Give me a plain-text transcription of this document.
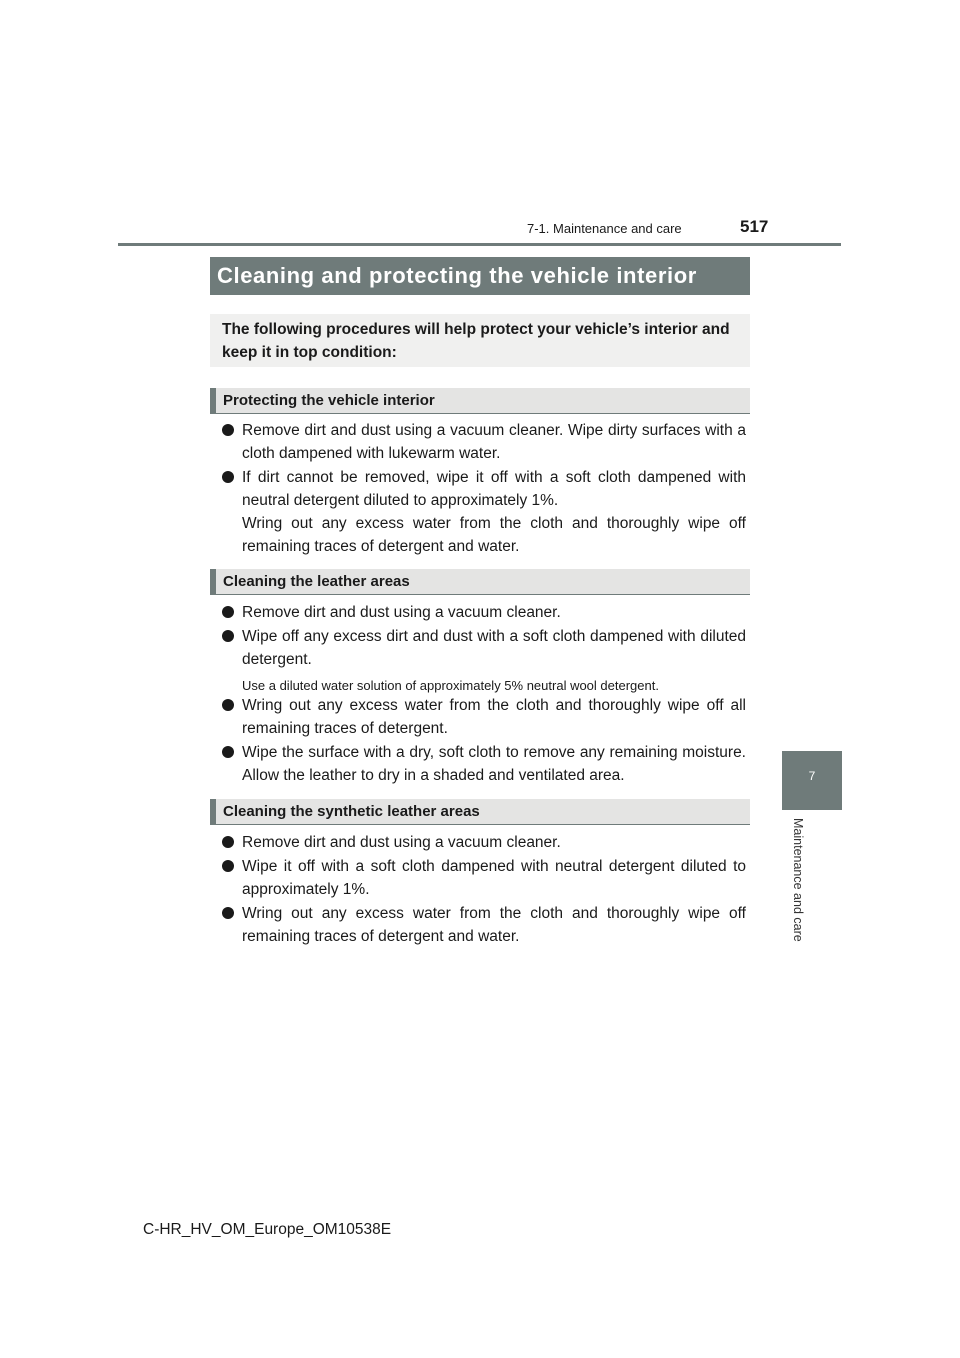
7-1. Maintenance and care	517
7
Maintenance and care
Cleaning and protecting the vehicle interior
The following procedures will help protect your vehicle’s interior and keep it in top condition:
Protecting the vehicle interior

Remove dirt and dust using a vacuum cleaner. Wipe dirty surfaces with a cloth dampened with lukewarm water.

If dirt cannot be removed, wipe it off with a soft cloth dampened with neutral detergent diluted to approximately 1%.

Wring out any excess water from the cloth and thoroughly wipe off remaining traces of detergent and water.

Cleaning the leather areas

Remove dirt and dust using a vacuum cleaner.

Wipe off any excess dirt and dust with a soft cloth dampened with diluted detergent.

Use a diluted water solution of approximately 5% neutral wool detergent.

Wring out any excess water from the cloth and thoroughly wipe off all remaining traces of detergent.

Wipe the surface with a dry, soft cloth to remove any remaining moisture. Allow the leather to dry in a shaded and ventilated area.

Cleaning the synthetic leather areas

Remove dirt and dust using a vacuum cleaner.

Wipe it off with a soft cloth dampened with neutral detergent diluted to approximately 1%.

Wring out any excess water from the cloth and thoroughly wipe off remaining traces of detergent and water.

C-HR_HV_OM_Europe_OM10538E
